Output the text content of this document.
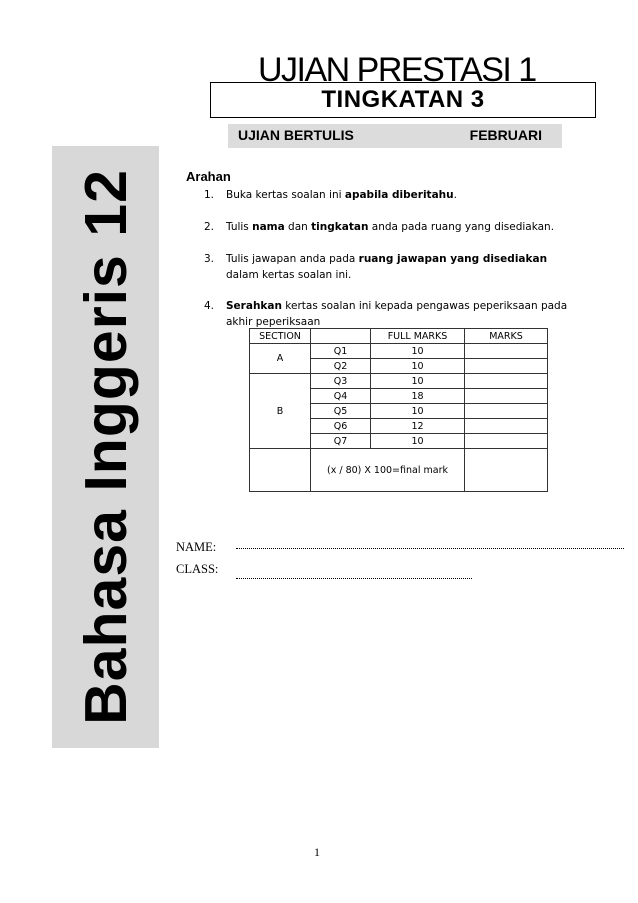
UJIAN PRESTASI 1
TINGKATAN 3
UJIAN BERTULIS	FEBRUARI
Bahasa Inggeris 12	Arahan
1. Buka kertas soalan ini apabila diberitahu.
2. Tulis nama dan tingkatan anda pada ruang yang disediakan.
3. Tulis jawapan anda pada ruang jawapan yang disediakan dalam kertas soalan ini.
4. Serahkan kertas soalan ini kepada pengawas peperiksaan pada akhir peperiksaan
SECTION		FULL MARKS	MARKS
A	Q1	10	
	Q2	10	
B	Q3	10	
	Q4	18	
	Q5	10	
	Q6	12	
	Q7	10	
	(x / 80) X 100=final mark		
NAME:
CLASS:
1
